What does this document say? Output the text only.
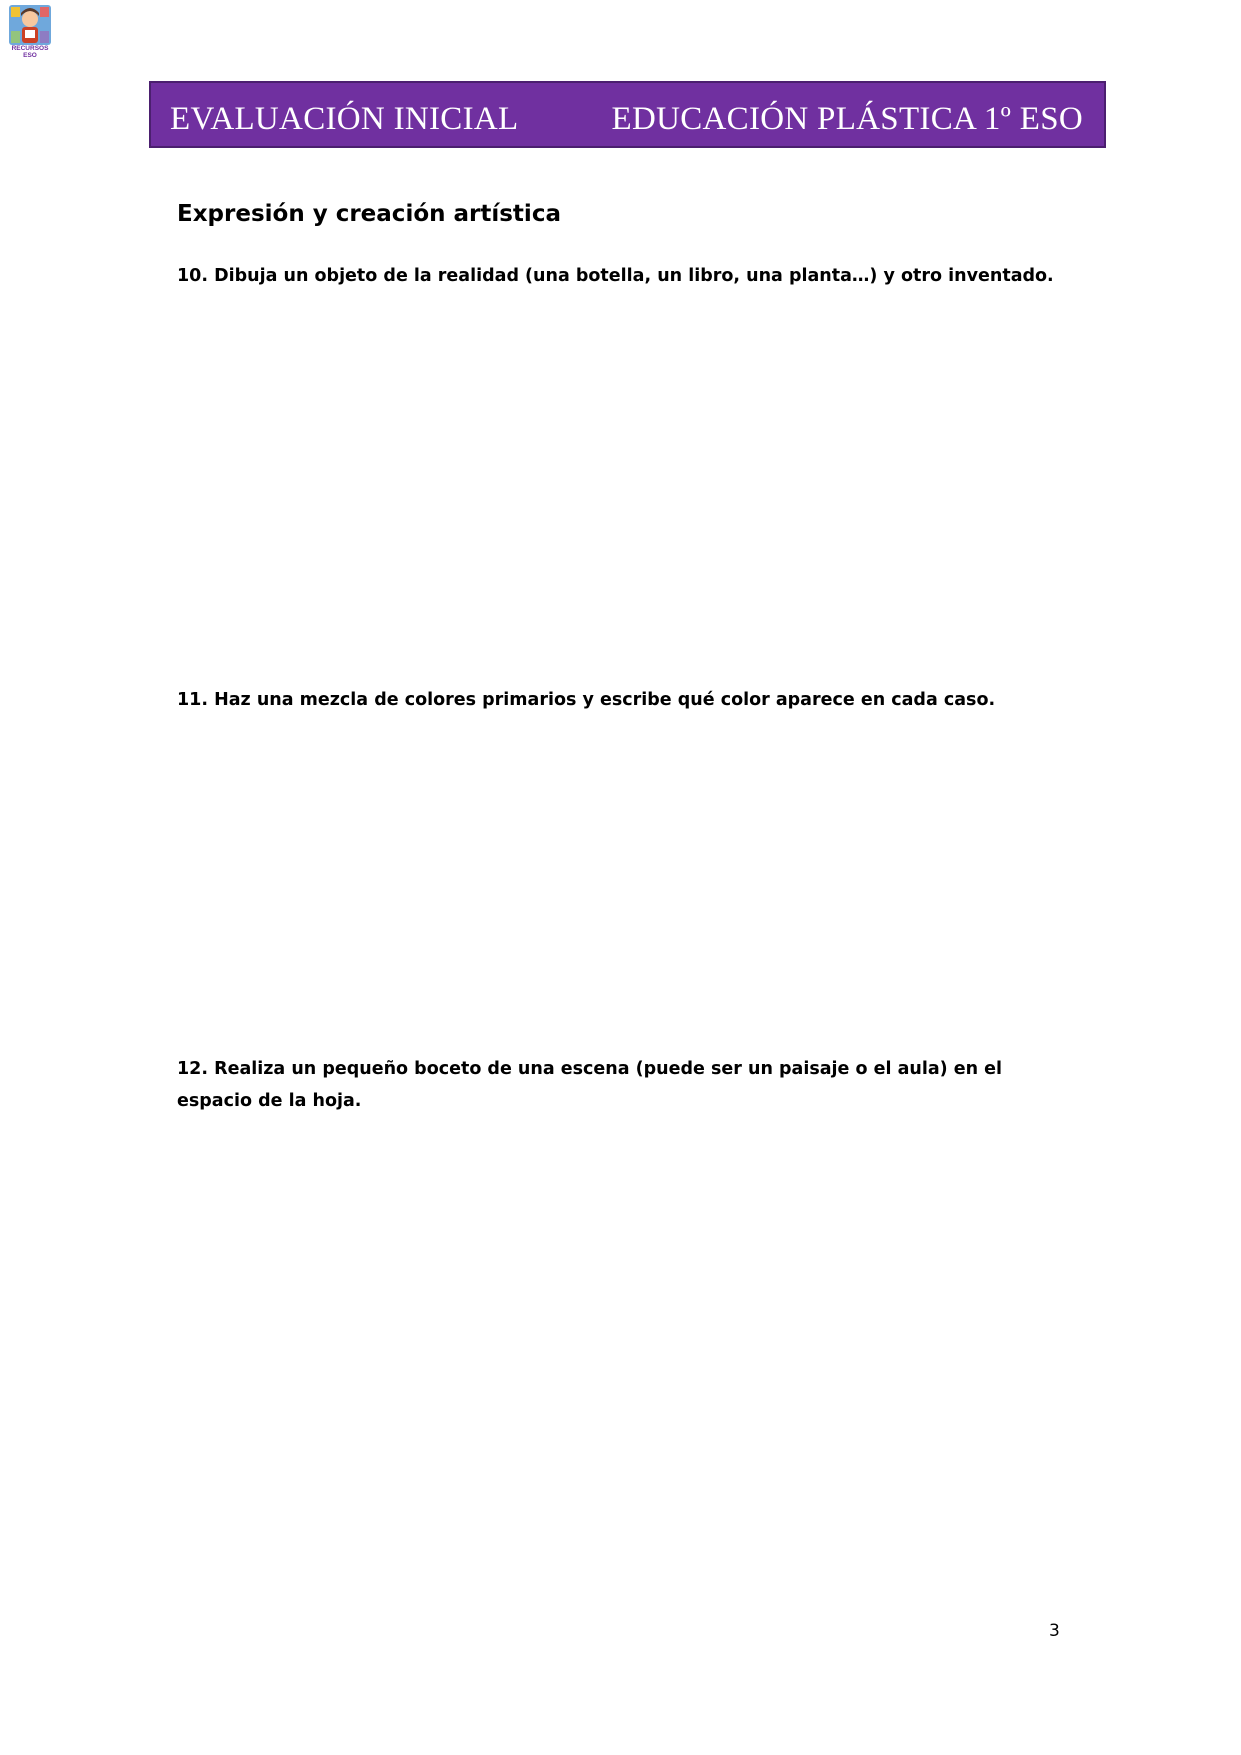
RECURSOS
ESO
EVALUACIÓN INICIAL	EDUCACIÓN PLÁSTICA 1º ESO
Expresión y creación artística
10. Dibuja un objeto de la realidad (una botella, un libro, una planta…) y otro inventado.
11. Haz una mezcla de colores primarios y escribe qué color aparece en cada caso.
12. Realiza un pequeño boceto de una escena (puede ser un paisaje o el aula) en el espacio de la hoja.
3
